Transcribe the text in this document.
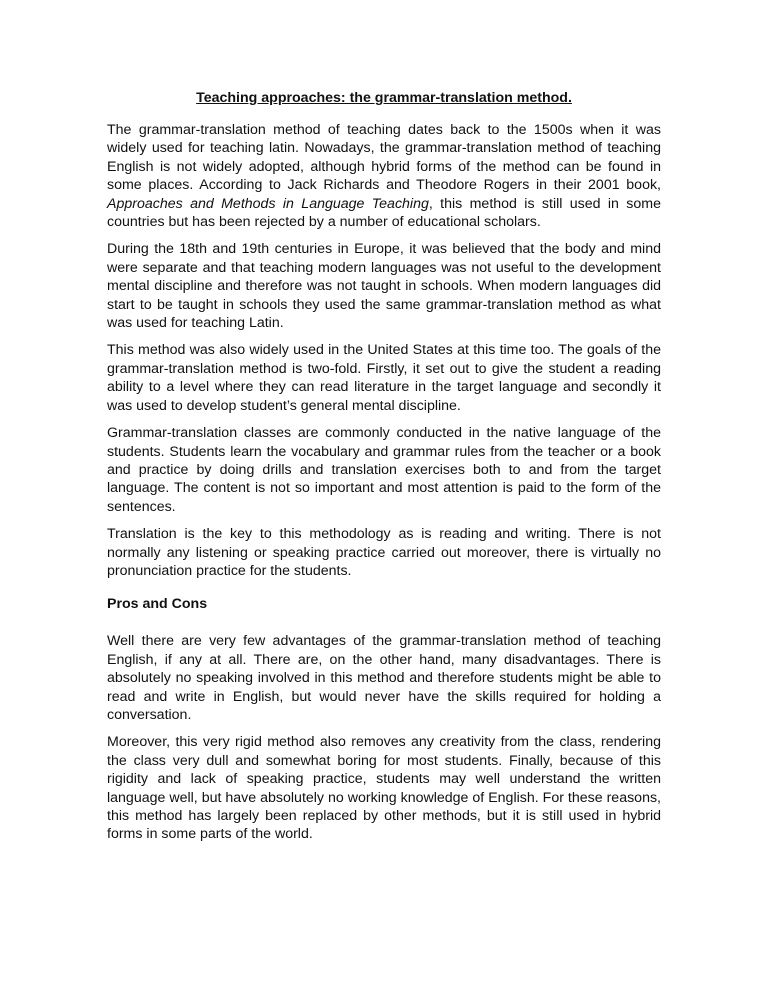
Teaching approaches: the grammar-translation method.

The grammar-translation method of teaching dates back to the 1500s when it was widely used for teaching latin. Nowadays, the grammar-translation method of teaching English is not widely adopted, although hybrid forms of the method can be found in some places. According to Jack Richards and Theodore Rogers in their 2001 book, Approaches and Methods in Language Teaching, this method is still used in some countries but has been rejected by a number of educational scholars.

During the 18th and 19th centuries in Europe, it was believed that the body and mind were separate and that teaching modern languages was not useful to the development mental discipline and therefore was not taught in schools. When modern languages did start to be taught in schools they used the same grammar-translation method as what was used for teaching Latin.

This method was also widely used in the United States at this time too. The goals of the grammar-translation method is two-fold. Firstly, it set out to give the student a reading ability to a level where they can read literature in the target language and secondly it was used to develop student’s general mental discipline.

Grammar-translation classes are commonly conducted in the native language of the students. Students learn the vocabulary and grammar rules from the teacher or a book and practice by doing drills and translation exercises both to and from the target language. The content is not so important and most attention is paid to the form of the sentences.

Translation is the key to this methodology as is reading and writing. There is not normally any listening or speaking practice carried out moreover, there is virtually no pronunciation practice for the students.

Pros and Cons

Well there are very few advantages of the grammar-translation method of teaching English, if any at all. There are, on the other hand, many disadvantages. There is absolutely no speaking involved in this method and therefore students might be able to read and write in English, but would never have the skills required for holding a conversation.

Moreover, this very rigid method also removes any creativity from the class, rendering the class very dull and somewhat boring for most students. Finally, because of this rigidity and lack of speaking practice, students may well understand the written language well, but have absolutely no working knowledge of English. For these reasons, this method has largely been replaced by other methods, but it is still used in hybrid forms in some parts of the world.
